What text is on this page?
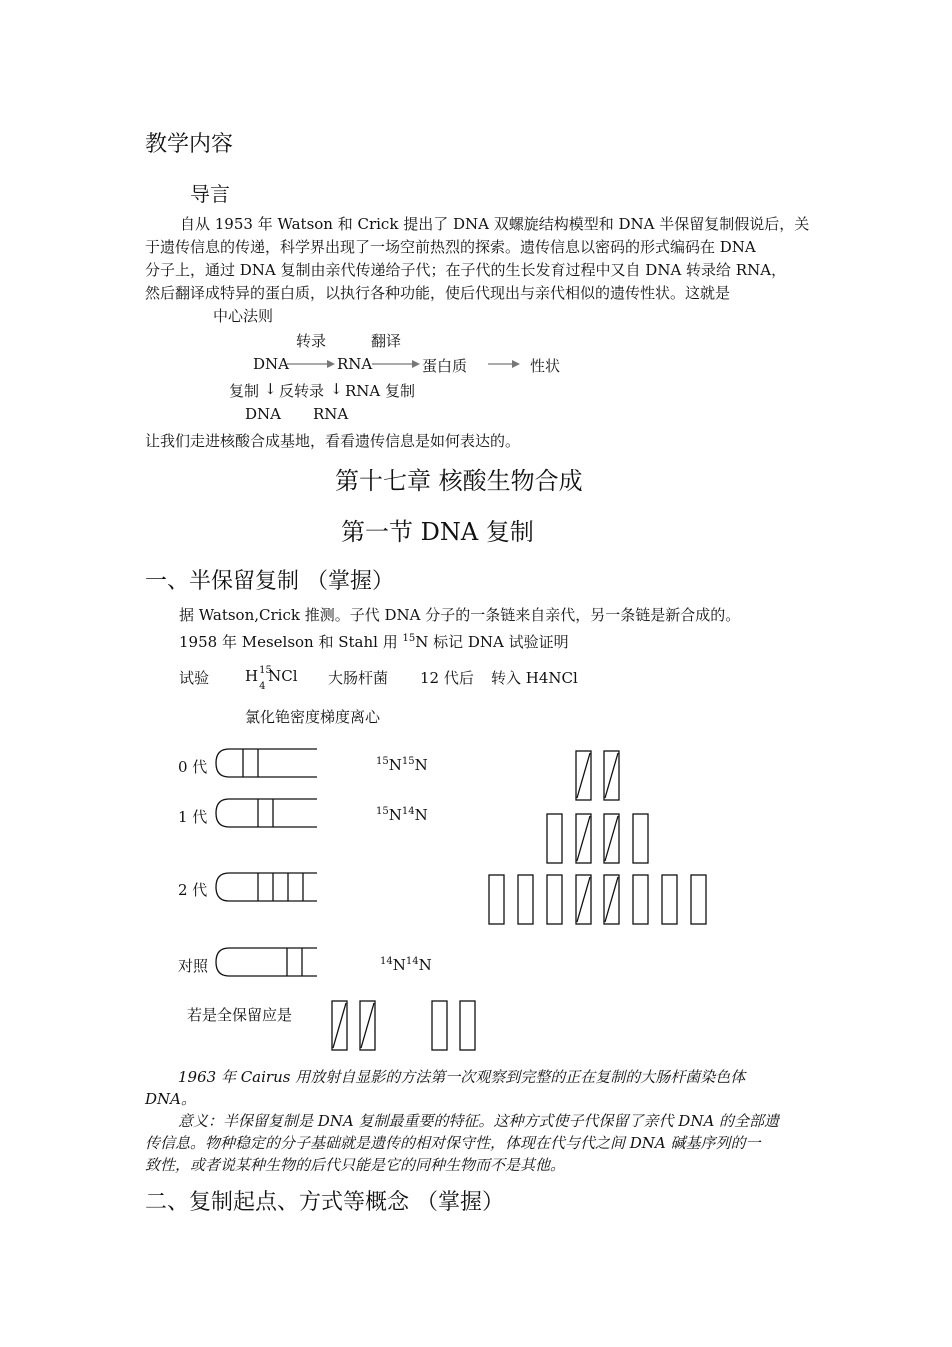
教学内容
导言
自从 1953 年 Watson 和 Crick 提出了 DNA 双螺旋结构模型和 DNA 半保留复制假说后，关
于遗传信息的传递，科学界出现了一场空前热烈的探索。遗传信息以密码的形式编码在 DNA
分子上，通过 DNA 复制由亲代传递给子代；在子代的生长发育过程中又自 DNA 转录给 RNA，
然后翻译成特异的蛋白质，以执行各种功能，使后代现出与亲代相似的遗传性状。这就是
中心法则
转录	翻译
DNA	RNA	蛋白质	性状
复制 ↓ 反转录 ↓ RNA 复制
DNA RNA
让我们走进核酸合成基地，看看遗传信息是如何表达的。
第十七章 核酸生物合成
第一节 DNA 复制
一、半保留复制 （掌握）
据 Watson,Crick 推测。子代 DNA 分子的一条链来自亲代，另一条链是新合成的。
1958 年 Meselson 和 Stahl 用 $^{15}$N 标记 DNA 试验证明
试验 H 15
4
NCl 大肠杆菌 12 代后 转入 H4NCl
氯化铯密度梯度离心
0 代
1 代
2 代
对照
$^{15}N^{15}N$
$^{15}N^{14}N$
$^{14}N^{14}N$
若是全保留应是
1963 年 Cairus 用放射自显影的方法第一次观察到完整的正在复制的大肠杆菌染色体
DNA。
意义：半保留复制是 DNA 复制最重要的特征。这种方式使子代保留了亲代 DNA 的全部遗
传信息。物种稳定的分子基础就是遗传的相对保守性，体现在代与代之间 DNA 碱基序列的一
致性，或者说某种生物的后代只能是它的同种生物而不是其他。
二、复制起点、方式等概念 （掌握）
